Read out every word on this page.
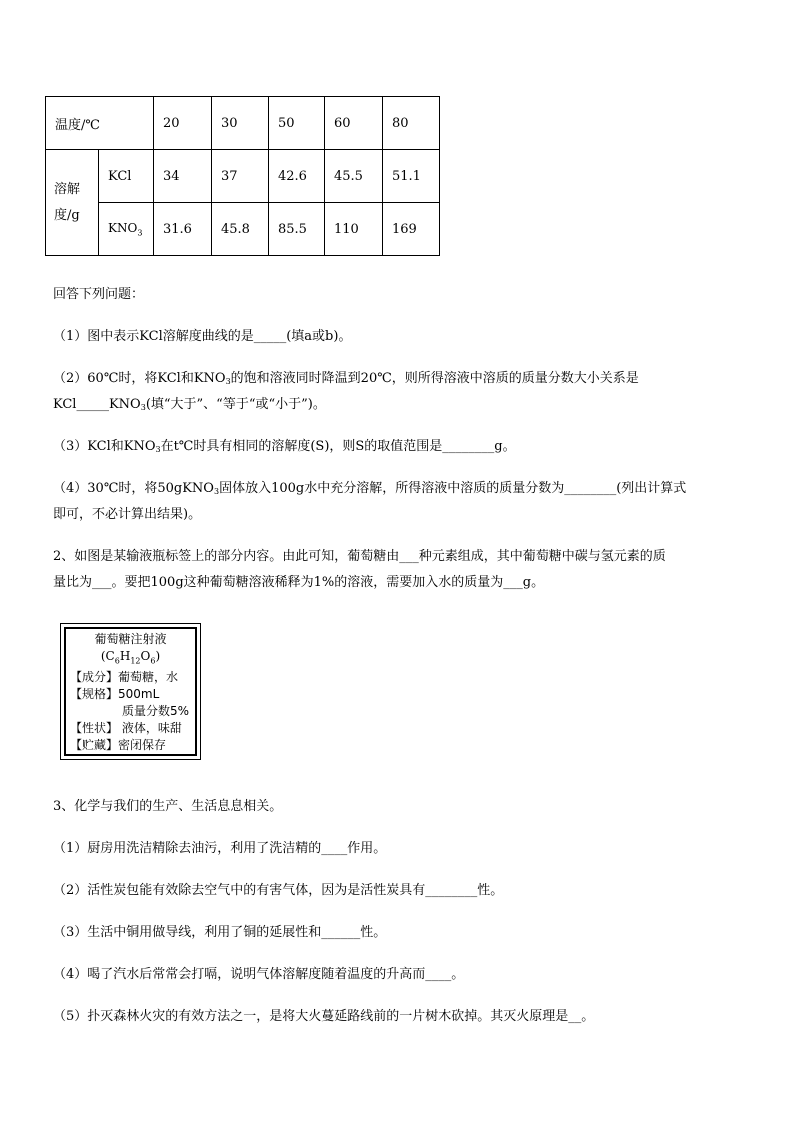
温度/℃		20	30	50	60	80
溶解度/g	KCl	34	37	42.6	45.5	51.1
	$KNO_3$	31.6	45.8	85.5	110	169
回答下列问题：
（1）图中表示KCl溶解度曲线的是_____(填a或b)。
（2）60℃时，将KCl和$KNO_3$的饱和溶液同时降温到20℃，则所得溶液中溶质的质量分数大小关系是
$KCl\_\_\_\_\_KNO_3$(填“大于”、“等于“或“小于”)。
（3）KCl和$KNO_3$在t℃时具有相同的溶解度(S)，则S的取值范围是________g。
（4）30℃时，将50gKNO$_3$固体放入100g水中充分溶解，所得溶液中溶质的质量分数为________(列出计算式
即可，不必计算出结果)。
2、如图是某输液瓶标签上的部分内容。由此可知，葡萄糖由___种元素组成，其中葡萄糖中碳与氢元素的质
量比为___。要把100g这种葡萄糖溶液稀释为1%的溶液，需要加入水的质量为___g。
葡萄糖注射液
$(C_6H_{12}O_6)$
【成分】葡萄糖，水
【规格】500mL
质量分数5%
【性状】 液体，味甜
【贮藏】密闭保存
3、化学与我们的生产、生活息息相关。
（1）厨房用洗洁精除去油污，利用了洗洁精的____作用。
（2）活性炭包能有效除去空气中的有害气体，因为是活性炭具有________性。
（3）生活中铜用做导线，利用了铜的延展性和______性。
（4）喝了汽水后常常会打嗝，说明气体溶解度随着温度的升高而____。
（5）扑灭森林火灾的有效方法之一，是将大火蔓延路线前的一片树木砍掉。其灭火原理是__。
